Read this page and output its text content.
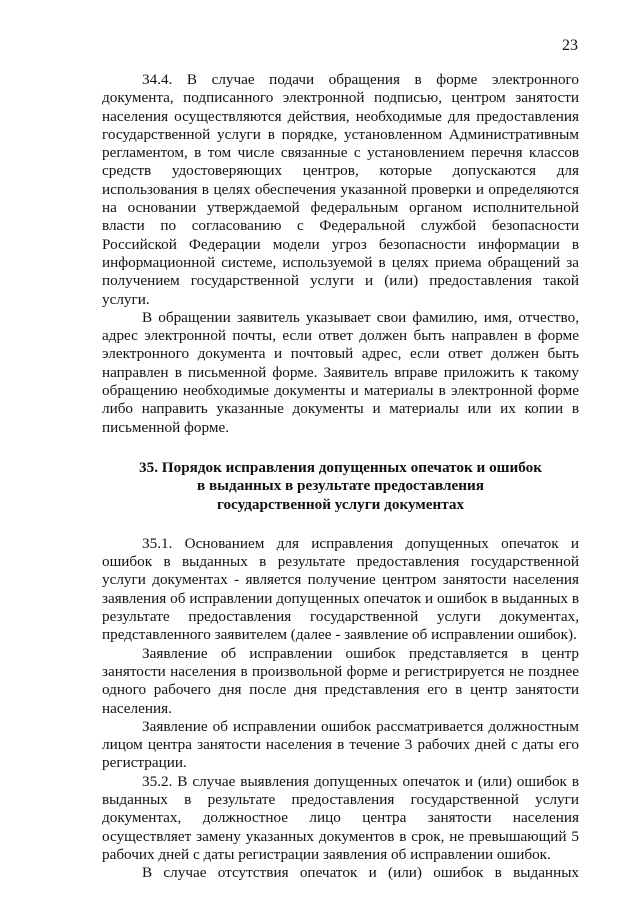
23

34.4. В случае подачи обращения в форме электронного документа, подписанного электронной подписью, центром занятости населения осуществляются действия, необходимые для предоставления государственной услуги в порядке, установленном Административным регламентом, в том числе связанные с установлением перечня классов средств удостоверяющих центров, которые допускаются для использования в целях обеспечения указанной проверки и определяются на основании утверждаемой федеральным органом исполнительной власти по согласованию с Федеральной службой безопасности Российской Федерации модели угроз безопасности информации в информационной системе, используемой в целях приема обращений за получением государственной услуги и (или) предоставления такой услуги.

В обращении заявитель указывает свои фамилию, имя, отчество, адрес электронной почты, если ответ должен быть направлен в форме электронного документа и почтовый адрес, если ответ должен быть направлен в письменной форме. Заявитель вправе приложить к такому обращению необходимые документы и материалы в электронной форме либо направить указанные документы и материалы или их копии в письменной форме.

35. Порядок исправления допущенных опечаток и ошибок
в выданных в результате предоставления
государственной услуги документах

35.1. Основанием для исправления допущенных опечаток и ошибок в выданных в результате предоставления государственной услуги документах - является получение центром занятости населения заявления об исправлении допущенных опечаток и ошибок в выданных в результате предоставления государственной услуги документах, представленного заявителем (далее - заявление об исправлении ошибок).

Заявление об исправлении ошибок представляется в центр занятости населения в произвольной форме и регистрируется не позднее одного рабочего дня после дня представления его в центр занятости населения.

Заявление об исправлении ошибок рассматривается должностным лицом центра занятости населения в течение 3 рабочих дней с даты его регистрации.

35.2. В случае выявления допущенных опечаток и (или) ошибок в выданных в результате предоставления государственной услуги документах, должностное лицо центра занятости населения осуществляет замену указанных документов в срок, не превышающий 5 рабочих дней с даты регистрации заявления об исправлении ошибок.

В случае отсутствия опечаток и (или) ошибок в выданных
